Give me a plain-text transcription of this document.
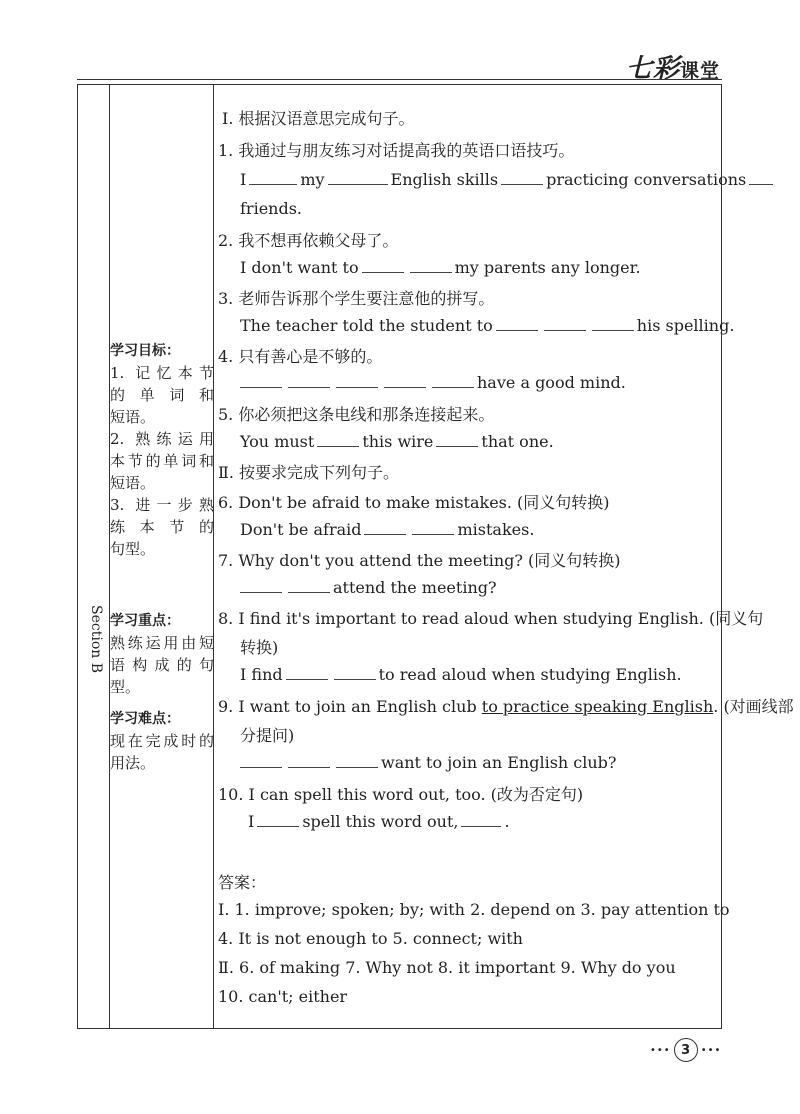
七彩课堂
Section B
学习目标：
1. 记忆本节
的 单 词 和
短语。
2. 熟练运用
本节的单词和
短语。
3. 进一步熟
练 本 节 的
句型。
学习重点：
熟练运用由短
语构成的句型。
学习难点：
现在完成时的
用法。
Ⅰ. 根据汉语意思完成句子。
1. 我通过与朋友练习对话提高我的英语口语技巧。
I	my	English skills	practicing conversations
friends.
2. 我不想再依赖父母了。
I don't want to	my parents any longer.
3. 老师告诉那个学生要注意他的拼写。
The teacher told the student to	his spelling.
4. 只有善心是不够的。
have a good mind.
5. 你必须把这条电线和那条连接起来。
You must	this wire	that one.
Ⅱ. 按要求完成下列句子。
6. Don't be afraid to make mistakes. (同义句转换)
Don't be afraid	mistakes.
7. Why don't you attend the meeting? (同义句转换)
attend the meeting?
8. I find it's important to read aloud when studying English. (同义句
转换)
I find	to read aloud when studying English.
9. I want to join an English club to practice speaking English. (对画线部
分提问)
want to join an English club?
10. I can spell this word out, too. (改为否定句)
I	spell this word out,	.
答案：
Ⅰ. 1. improve; spoken; by; with 2. depend on 3. pay attention to
4. It is not enough to 5. connect; with
Ⅱ. 6. of making 7. Why not 8. it important 9. Why do you
10. can't; either
••• 3	•••
